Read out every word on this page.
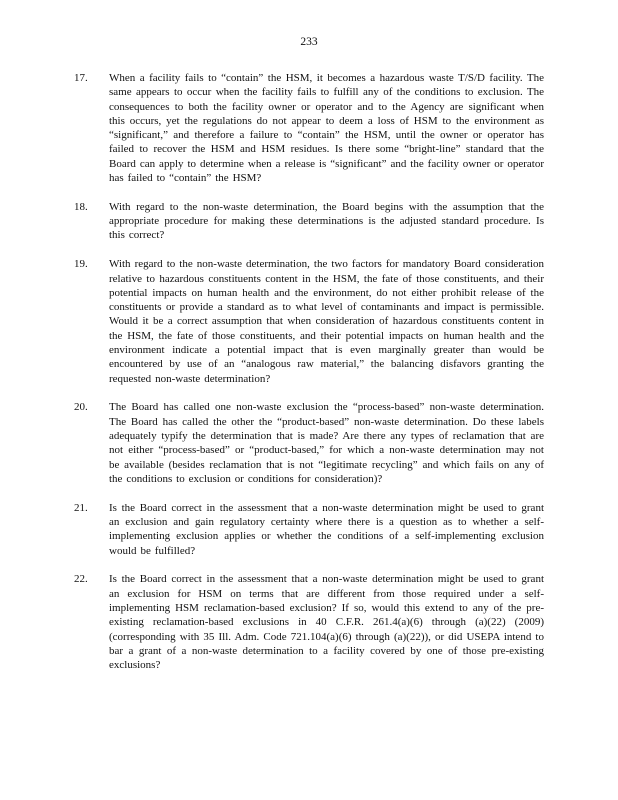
233
17.	When a facility fails to “contain” the HSM, it becomes a hazardous waste T/S/D facility. The same appears to occur when the facility fails to fulfill any of the conditions to exclusion. The consequences to both the facility owner or operator and to the Agency are significant when this occurs, yet the regulations do not appear to deem a loss of HSM to the environment as “significant,” and therefore a failure to “contain” the HSM, until the owner or operator has failed to recover the HSM and HSM residues. Is there some “bright-line” standard that the Board can apply to determine when a release is “significant” and the facility owner or operator has failed to “contain” the HSM?
18.	With regard to the non-waste determination, the Board begins with the assumption that the appropriate procedure for making these determinations is the adjusted standard procedure. Is this correct?
19.	With regard to the non-waste determination, the two factors for mandatory Board consideration relative to hazardous constituents content in the HSM, the fate of those constituents, and their potential impacts on human health and the environment, do not either prohibit release of the constituents or provide a standard as to what level of contaminants and impact is permissible. Would it be a correct assumption that when consideration of hazardous constituents content in the HSM, the fate of those constituents, and their potential impacts on human health and the environment indicate a potential impact that is even marginally greater than would be encountered by use of an “analogous raw material,” the balancing disfavors granting the requested non-waste determination?
20.	The Board has called one non-waste exclusion the “process-based” non-waste determination. The Board has called the other the “product-based” non-waste determination. Do these labels adequately typify the determination that is made? Are there any types of reclamation that are not either “process-based” or “product-based,” for which a non-waste determination may not be available (besides reclamation that is not “legitimate recycling” and which fails on any of the conditions to exclusion or conditions for consideration)?
21.	Is the Board correct in the assessment that a non-waste determination might be used to grant an exclusion and gain regulatory certainty where there is a question as to whether a self-implementing exclusion applies or whether the conditions of a self-implementing exclusion would be fulfilled?
22.	Is the Board correct in the assessment that a non-waste determination might be used to grant an exclusion for HSM on terms that are different from those required under a self-implementing HSM reclamation-based exclusion? If so, would this extend to any of the pre-existing reclamation-based exclusions in 40 C.F.R. 261.4(a)(6) through (a)(22) (2009) (corresponding with 35 Ill. Adm. Code 721.104(a)(6) through (a)(22)), or did USEPA intend to bar a grant of a non-waste determination to a facility covered by one of those pre-existing exclusions?
